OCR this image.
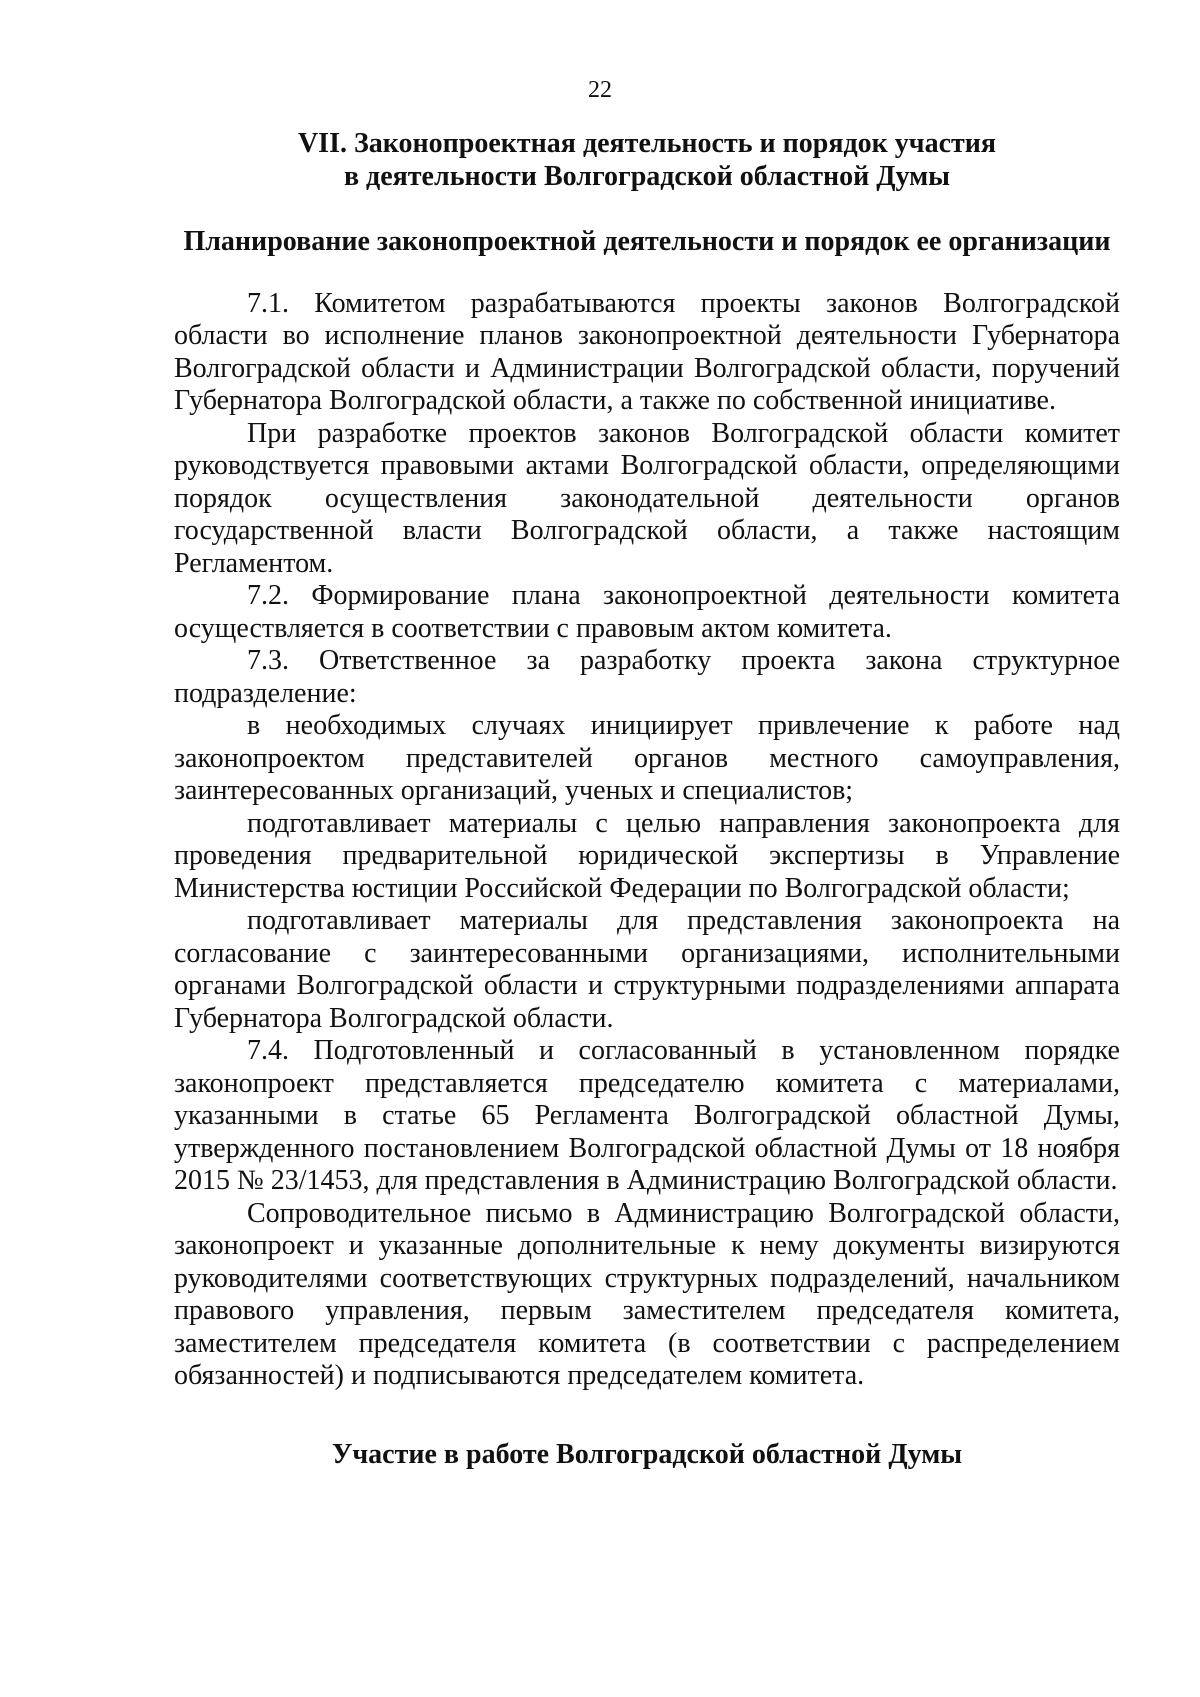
22
VII. Законопроектная деятельность и порядок участия
в деятельности Волгоградской областной Думы
Планирование законопроектной деятельности и порядок ее организации

7.1. Комитетом разрабатываются проекты законов Волгоградской области во исполнение планов законопроектной деятельности Губернатора Волгоградской области и Администрации Волгоградской области, поручений Губернатора Волгоградской области, а также по собственной инициативе.

При разработке проектов законов Волгоградской области комитет руководствуется правовыми актами Волгоградской области, определяющими порядок осуществления законодательной деятельности органов государственной власти Волгоградской области, а также настоящим Регламентом.

7.2. Формирование плана законопроектной деятельности комитета осуществляется в соответствии с правовым актом комитета.

7.3. Ответственное за разработку проекта закона структурное подразделение:

в необходимых случаях инициирует привлечение к работе над законопроектом представителей органов местного самоуправления, заинтересованных организаций, ученых и специалистов;

подготавливает материалы с целью направления законопроекта для проведения предварительной юридической экспертизы в Управление Министерства юстиции Российской Федерации по Волгоградской области;

подготавливает материалы для представления законопроекта на согласование с заинтересованными организациями, исполнительными органами Волгоградской области и структурными подразделениями аппарата Губернатора Волгоградской области.

7.4. Подготовленный и согласованный в установленном порядке законопроект представляется председателю комитета с материалами, указанными в статье 65 Регламента Волгоградской областной Думы, утвержденного постановлением Волгоградской областной Думы от 18 ноября 2015 № 23/1453, для представления в Администрацию Волгоградской области.

Сопроводительное письмо в Администрацию Волгоградской области, законопроект и указанные дополнительные к нему документы визируются руководителями соответствующих структурных подразделений, начальником правового управления, первым заместителем председателя комитета, заместителем председателя комитета (в соответствии с распределением обязанностей) и подписываются председателем комитета.

Участие в работе Волгоградской областной Думы
